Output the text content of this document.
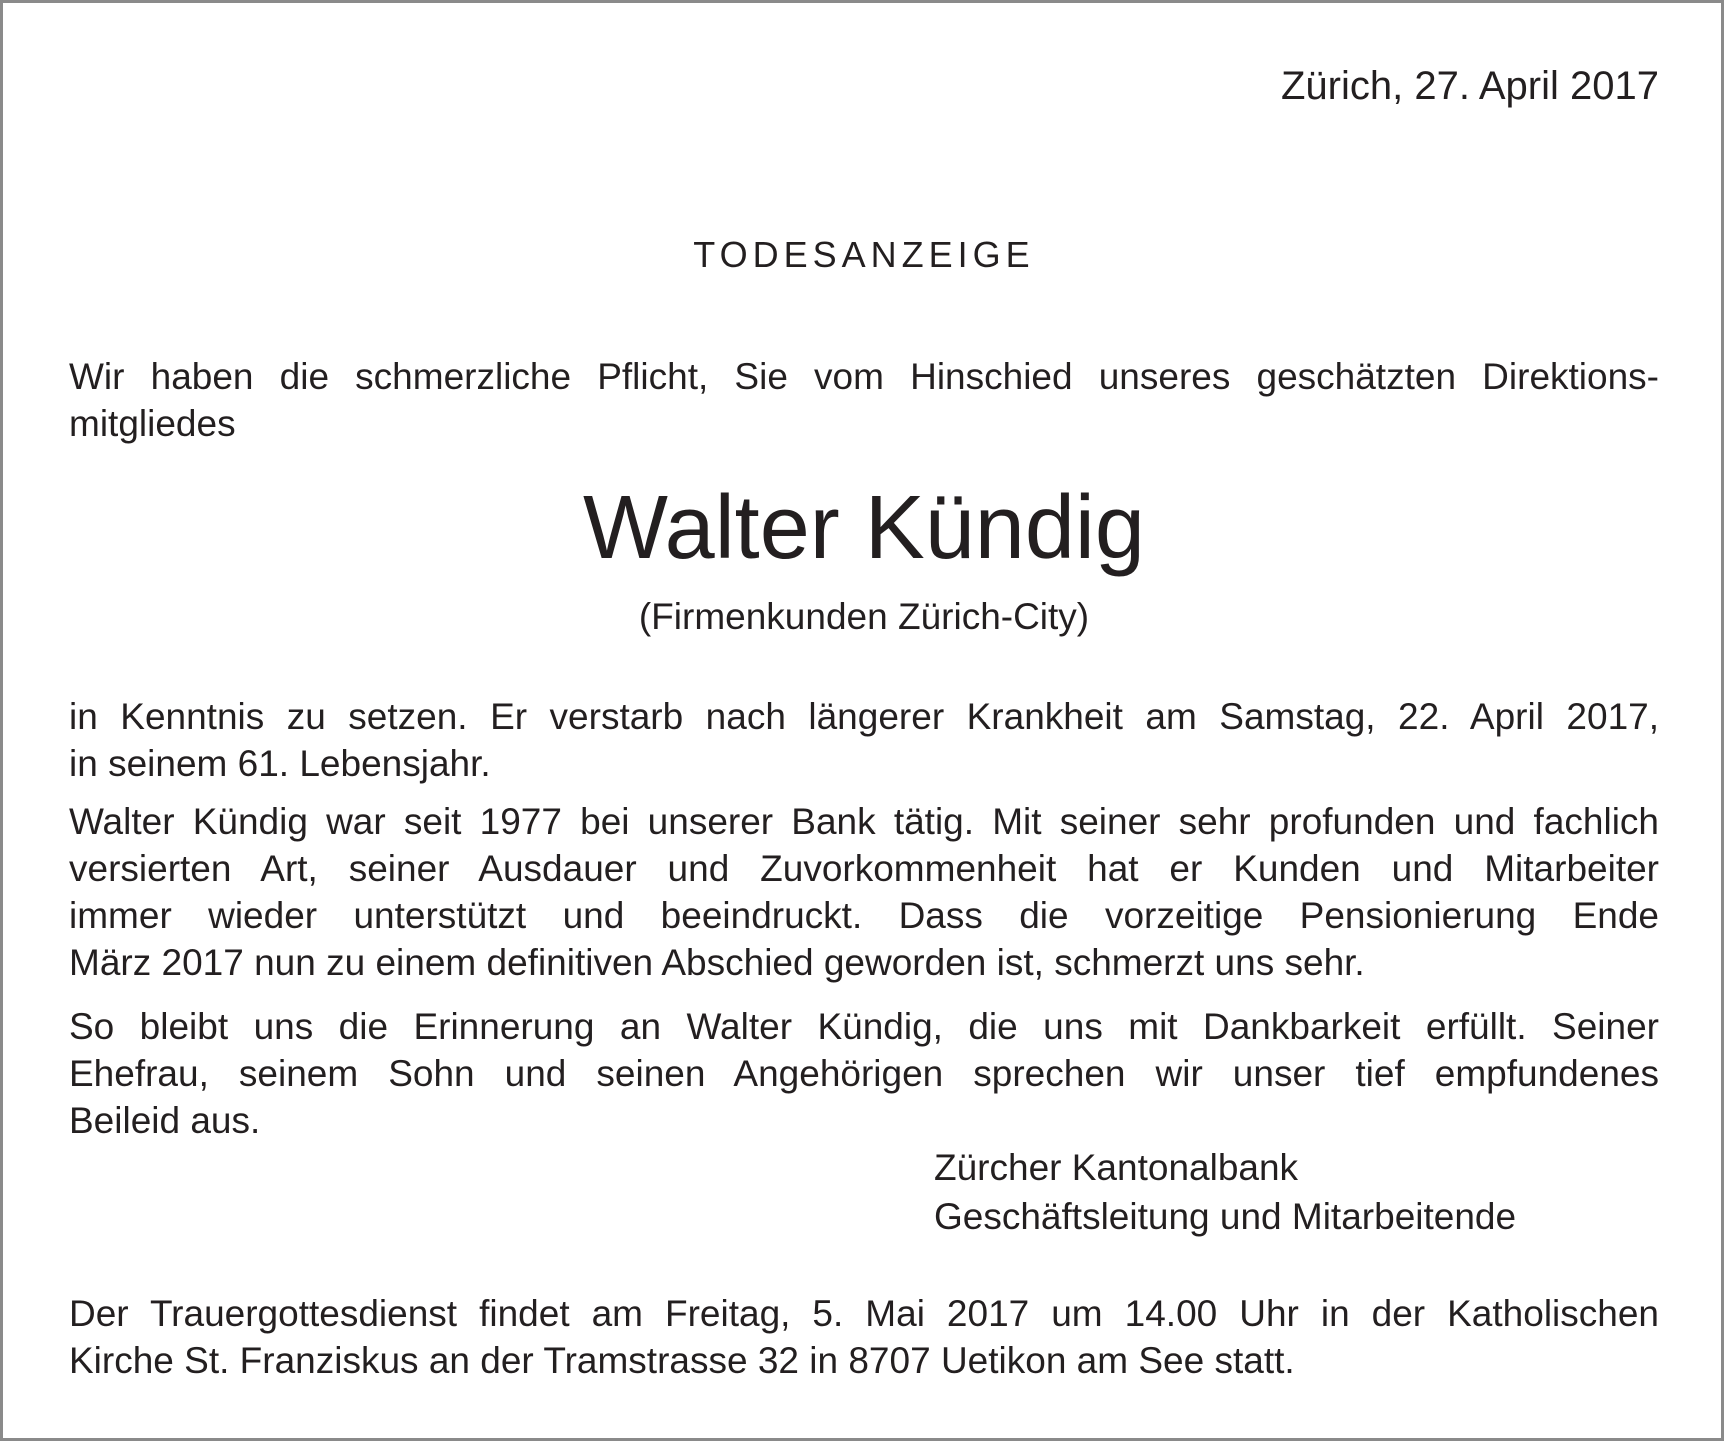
Zürich, 27. April 2017
TODESANZEIGE
Wir haben die schmerzliche Pflicht, Sie vom Hinschied unseres geschätzten Direktions-
mitgliedes
Walter Kündig
(Firmenkunden Zürich-City)
in Kenntnis zu setzen. Er verstarb nach längerer Krankheit am Samstag, 22. April 2017,
in seinem 61. Lebensjahr.
Walter Kündig war seit 1977 bei unserer Bank tätig. Mit seiner sehr profunden und fachlich
versierten Art, seiner Ausdauer und Zuvorkommenheit hat er Kunden und Mitarbeiter
immer wieder unterstützt und beeindruckt. Dass die vorzeitige Pensionierung Ende
März 2017 nun zu einem definitiven Abschied geworden ist, schmerzt uns sehr.
So bleibt uns die Erinnerung an Walter Kündig, die uns mit Dankbarkeit erfüllt. Seiner
Ehefrau, seinem Sohn und seinen Angehörigen sprechen wir unser tief empfundenes
Beileid aus.
Zürcher Kantonalbank
Geschäftsleitung und Mitarbeitende
Der Trauergottesdienst findet am Freitag, 5. Mai 2017 um 14.00 Uhr in der Katholischen
Kirche St. Franziskus an der Tramstrasse 32 in 8707 Uetikon am See statt.
